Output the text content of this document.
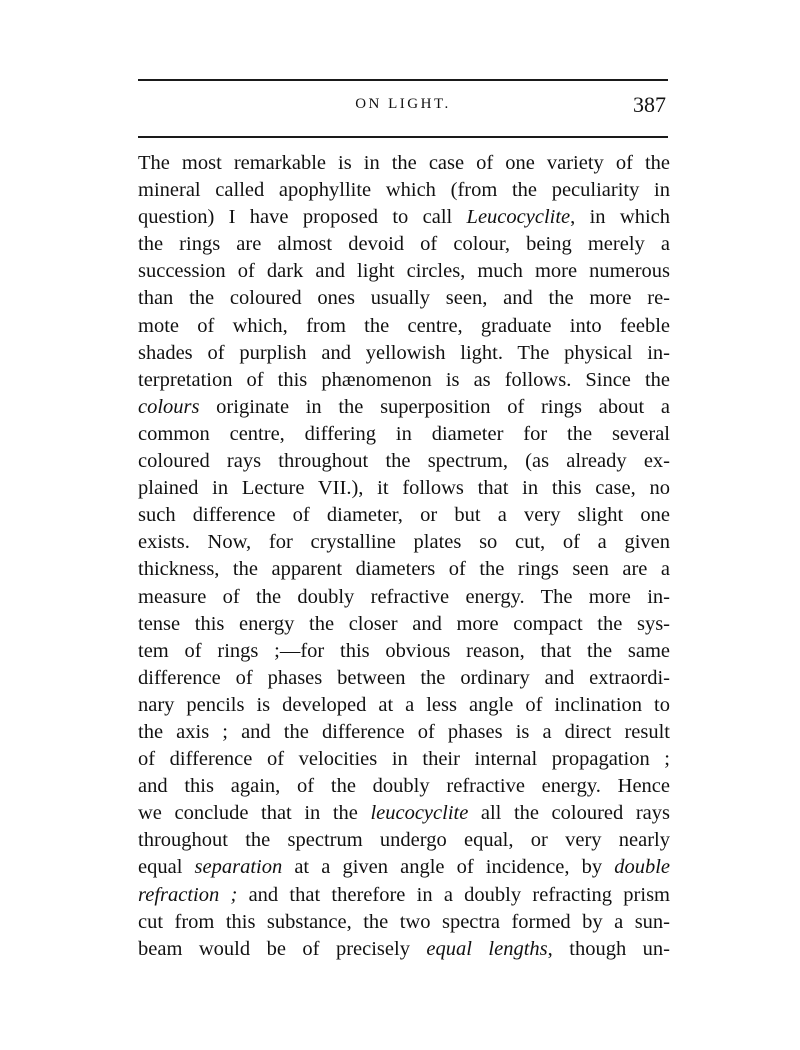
ON LIGHT.	387
The most remarkable is in the case of one variety of the
mineral called apophyllite which (from the peculiarity in
question) I have proposed to call Leucocyclite, in which
the rings are almost devoid of colour, being merely a
succession of dark and light circles, much more numerous
than the coloured ones usually seen, and the more re-
mote of which, from the centre, graduate into feeble
shades of purplish and yellowish light. The physical in-
terpretation of this phænomenon is as follows. Since the
colours originate in the superposition of rings about a
common centre, differing in diameter for the several
coloured rays throughout the spectrum, (as already ex-
plained in Lecture VII.), it follows that in this case, no
such difference of diameter, or but a very slight one
exists. Now, for crystalline plates so cut, of a given
thickness, the apparent diameters of the rings seen are a
measure of the doubly refractive energy. The more in-
tense this energy the closer and more compact the sys-
tem of rings ;—for this obvious reason, that the same
difference of phases between the ordinary and extraordi-
nary pencils is developed at a less angle of inclination to
the axis ; and the difference of phases is a direct result
of difference of velocities in their internal propagation ;
and this again, of the doubly refractive energy. Hence
we conclude that in the leucocyclite all the coloured rays
throughout the spectrum undergo equal, or very nearly
equal separation at a given angle of incidence, by double
refraction ; and that therefore in a doubly refracting prism
cut from this substance, the two spectra formed by a sun-
beam would be of precisely equal lengths, though un-
